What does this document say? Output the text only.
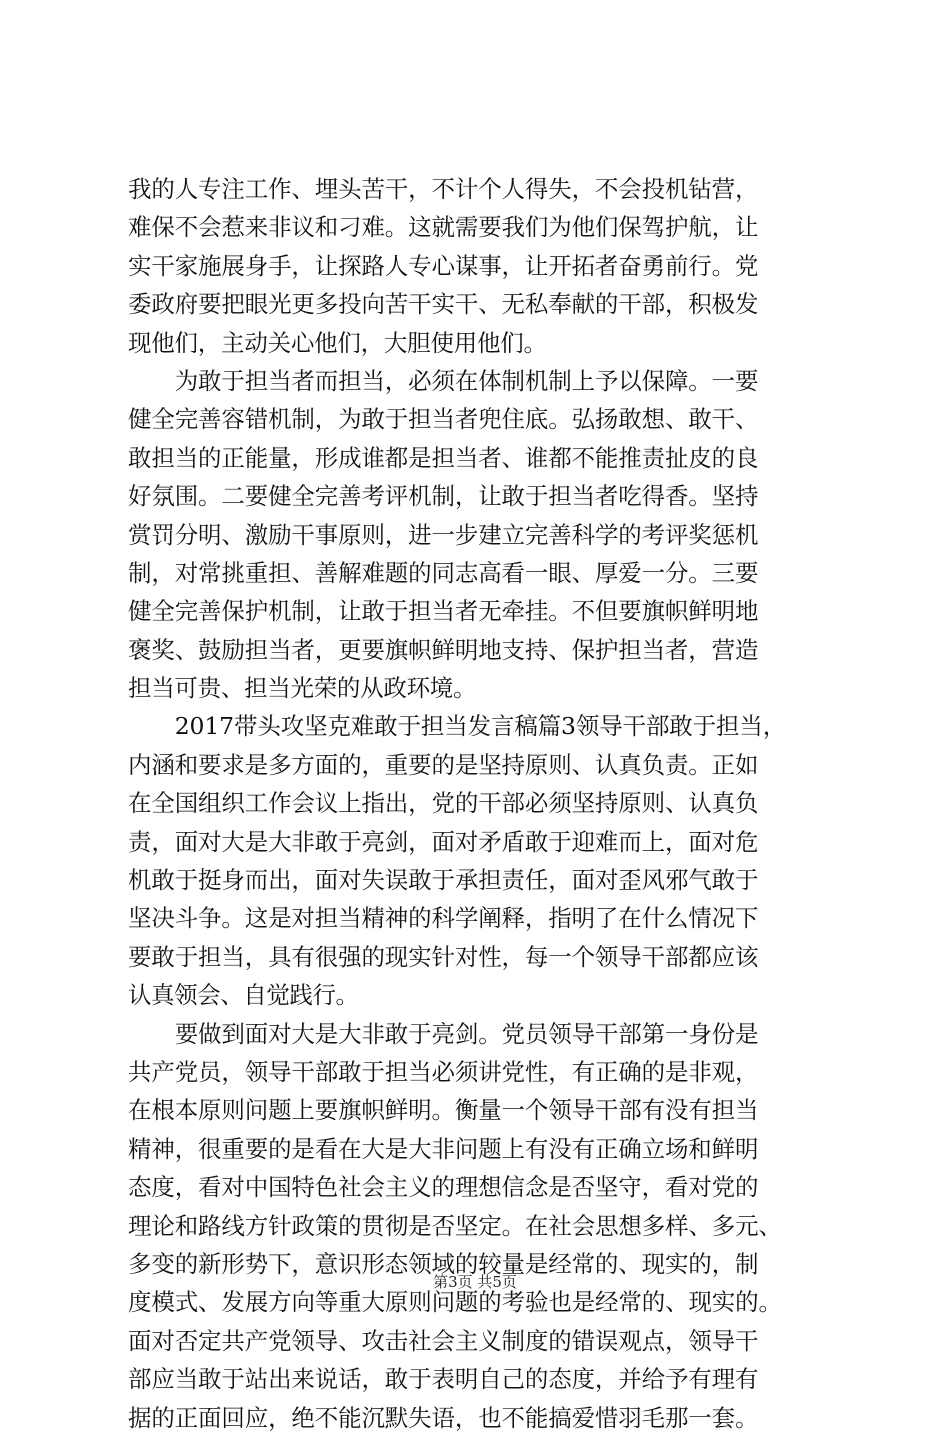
我的人专注工作、埋头苦干，不计个人得失，不会投机钻营，
难保不会惹来非议和刁难。这就需要我们为他们保驾护航，让
实干家施展身手，让探路人专心谋事，让开拓者奋勇前行。党
委政府要把眼光更多投向苦干实干、无私奉献的干部，积极发
现他们，主动关心他们，大胆使用他们。
　　为敢于担当者而担当，必须在体制机制上予以保障。一要
健全完善容错机制，为敢于担当者兜住底。弘扬敢想、敢干、
敢担当的正能量，形成谁都是担当者、谁都不能推责扯皮的良
好氛围。二要健全完善考评机制，让敢于担当者吃得香。坚持
赏罚分明、激励干事原则，进一步建立完善科学的考评奖惩机
制，对常挑重担、善解难题的同志高看一眼、厚爱一分。三要
健全完善保护机制，让敢于担当者无牵挂。不但要旗帜鲜明地
褒奖、鼓励担当者，更要旗帜鲜明地支持、保护担当者，营造
担当可贵、担当光荣的从政环境。
　　2017带头攻坚克难敢于担当发言稿篇3领导干部敢于担当，
内涵和要求是多方面的，重要的是坚持原则、认真负责。正如
在全国组织工作会议上指出，党的干部必须坚持原则、认真负
责，面对大是大非敢于亮剑，面对矛盾敢于迎难而上，面对危
机敢于挺身而出，面对失误敢于承担责任，面对歪风邪气敢于
坚决斗争。这是对担当精神的科学阐释，指明了在什么情况下
要敢于担当，具有很强的现实针对性，每一个领导干部都应该
认真领会、自觉践行。
　　要做到面对大是大非敢于亮剑。党员领导干部第一身份是
共产党员，领导干部敢于担当必须讲党性，有正确的是非观，
在根本原则问题上要旗帜鲜明。衡量一个领导干部有没有担当
精神，很重要的是看在大是大非问题上有没有正确立场和鲜明
态度，看对中国特色社会主义的理想信念是否坚守，看对党的
理论和路线方针政策的贯彻是否坚定。在社会思想多样、多元、
多变的新形势下，意识形态领域的较量是经常的、现实的，制
度模式、发展方向等重大原则问题的考验也是经常的、现实的。
面对否定共产党领导、攻击社会主义制度的错误观点，领导干
部应当敢于站出来说话，敢于表明自己的态度，并给予有理有
据的正面回应，绝不能沉默失语，也不能搞爱惜羽毛那一套。
第3页 共5页
